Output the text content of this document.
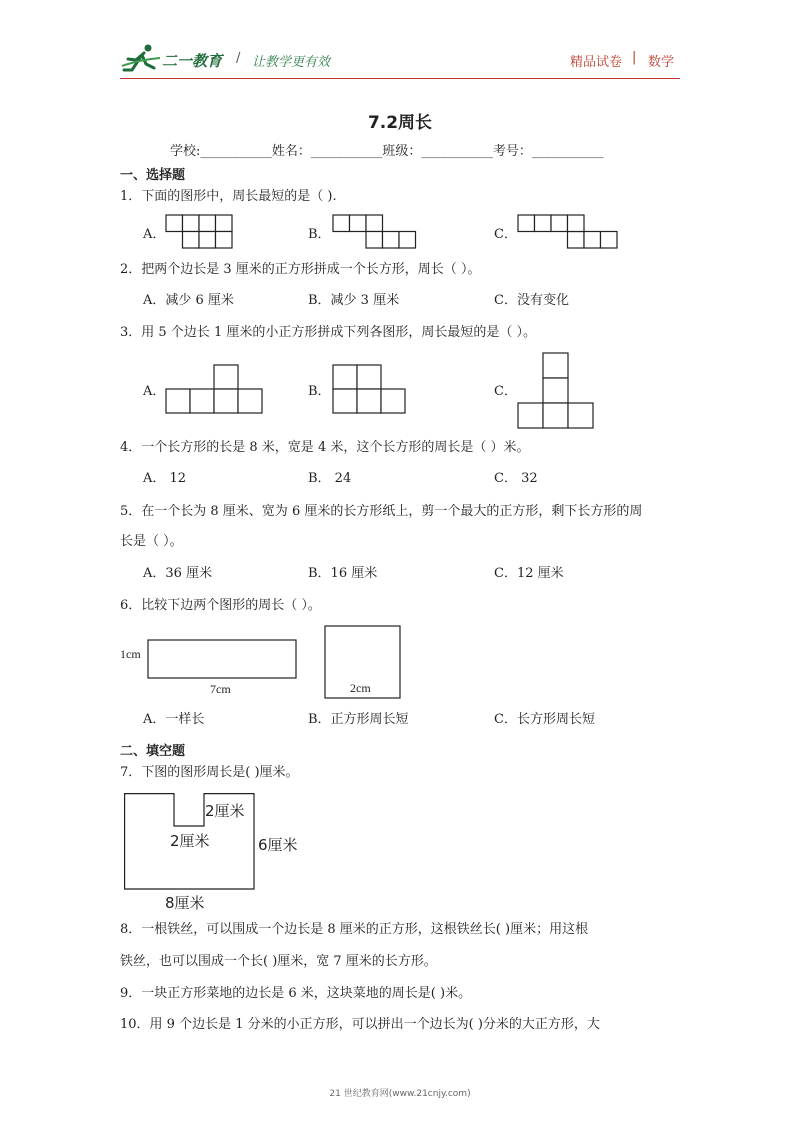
二一教育 / 让教学更有效	精品试卷 | 数学
7.2周长
学校:___________姓名：___________班级：___________考号：___________
一、选择题
1．下面的图形中，周长最短的是（ ).
A．	B．	C．
2．把两个边长是 3 厘米的正方形拼成一个长方形，周长（ ）。
A．减少 6 厘米	B．减少 3 厘米	C．没有变化
3．用 5 个边长 1 厘米的小正方形拼成下列各图形，周长最短的是（ ）。
A．	B．	C．
4．一个长方形的长是 8 米，宽是 4 米，这个长方形的周长是（ ）米。
A． 12	B． 24	C． 32
5．在一个长为 8 厘米、宽为 6 厘米的长方形纸上，剪一个最大的正方形，剩下长方形的周
长是（ ）。
A．36 厘米	B．16 厘米	C．12 厘米
6．比较下边两个图形的周长（ ）。
1cm
7cm	2cm
A．一样长	B．正方形周长短	C．长方形周长短
二、填空题
7．下图的图形周长是( )厘米。
2厘米
2厘米	6厘米
8厘米
8．一根铁丝，可以围成一个边长是 8 厘米的正方形，这根铁丝长( )厘米；用这根
铁丝，也可以围成一个长( )厘米，宽 7 厘米的长方形。
9．一块正方形菜地的边长是 6 米，这块菜地的周长是( )米。
10．用 9 个边长是 1 分米的小正方形，可以拼出一个边长为( )分米的大正方形，大
21 世纪教育网(www.21cnjy.com)
